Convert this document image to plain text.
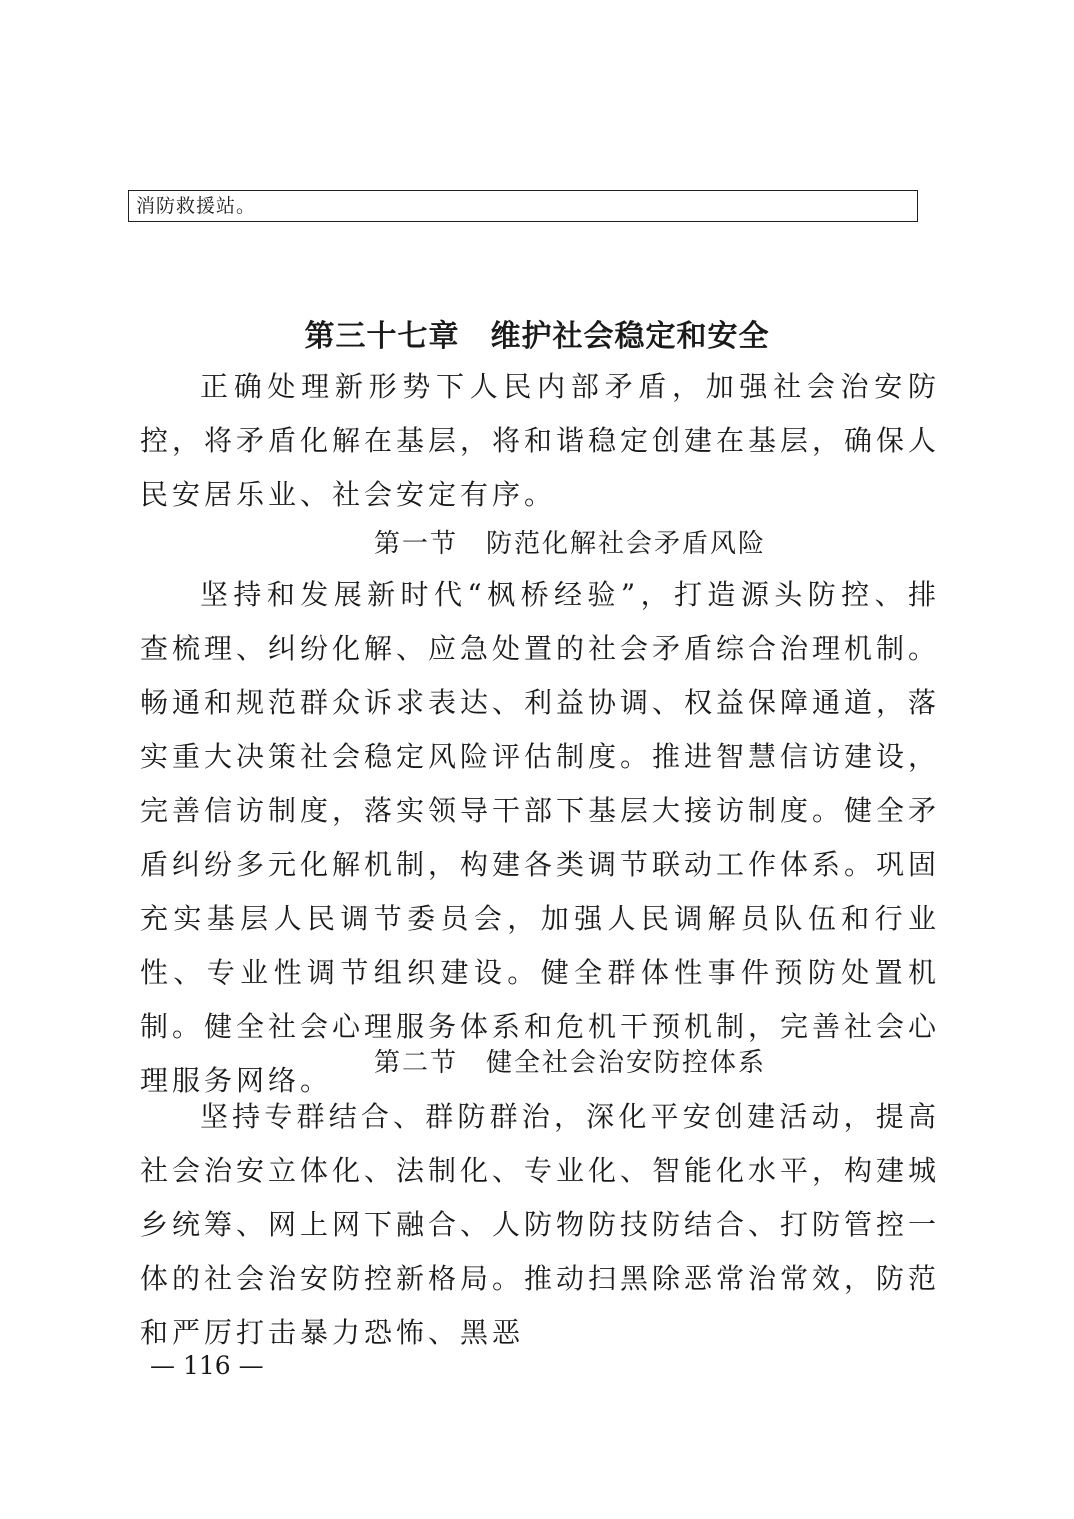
消防救援站。
第三十七章　维护社会稳定和安全

正确处理新形势下人民内部矛盾，加强社会治安防控，将矛盾化解在基层，将和谐稳定创建在基层，确保人民安居乐业、社会安定有序。

第一节　防范化解社会矛盾风险

坚持和发展新时代“枫桥经验”，打造源头防控、排查梳理、纠纷化解、应急处置的社会矛盾综合治理机制。畅通和规范群众诉求表达、利益协调、权益保障通道，落实重大决策社会稳定风险评估制度。推进智慧信访建设，完善信访制度，落实领导干部下基层大接访制度。健全矛盾纠纷多元化解机制，构建各类调节联动工作体系。巩固充实基层人民调节委员会，加强人民调解员队伍和行业性、专业性调节组织建设。健全群体性事件预防处置机制。健全社会心理服务体系和危机干预机制，完善社会心理服务网络。

第二节　健全社会治安防控体系

坚持专群结合、群防群治，深化平安创建活动，提高社会治安立体化、法制化、专业化、智能化水平，构建城乡统筹、网上网下融合、人防物防技防结合、打防管控一体的社会治安防控新格局。推动扫黑除恶常治常效，防范和严厉打击暴力恐怖、黑恶

— 116 —
